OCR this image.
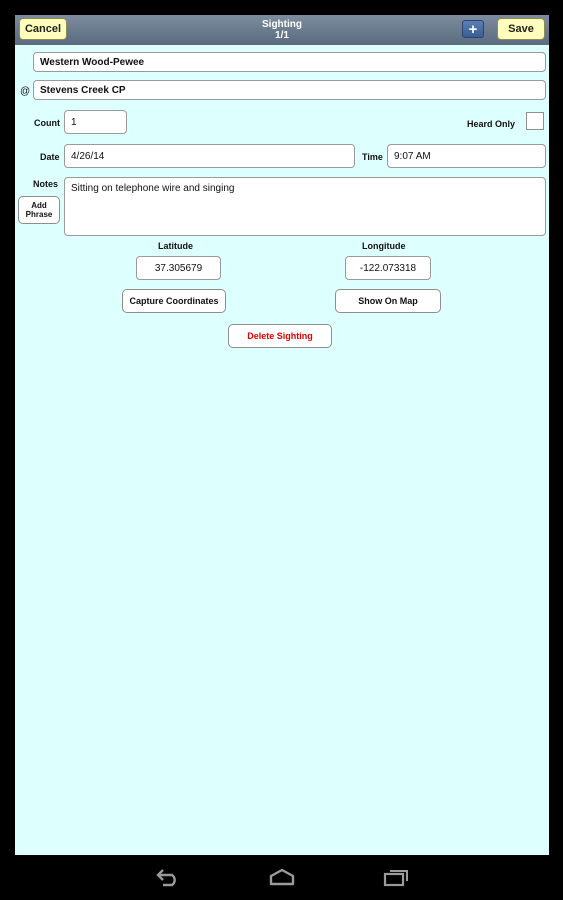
Cancel	Sighting
1/1	+	Save
Western Wood-Pewee
@ Stevens Creek CP
Count	1	Heard Only
Date	4/26/14	Time	9:07 AM
Notes
Add
Phrase
Sitting on telephone wire and singing
Latitude
37.305679
Longitude
-122.073318
Capture Coordinates	Show On Map
Delete Sighting
